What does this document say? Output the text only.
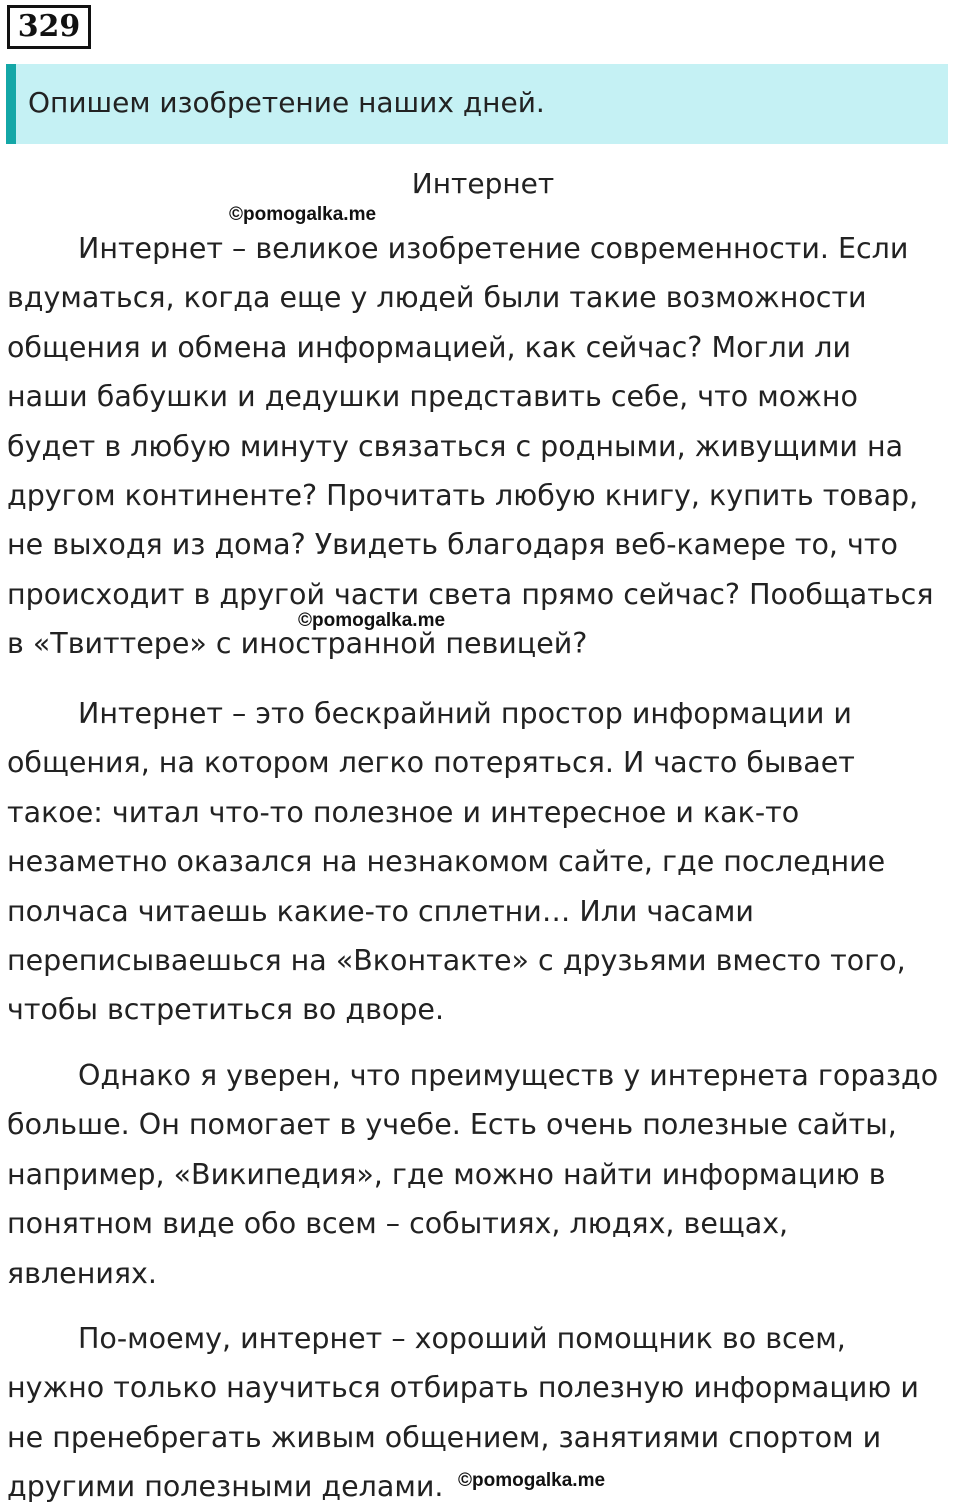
329
Опишем изобретение наших дней.
Интернет
©pomogalka.me
Интернет – великое изобретение современности. Если
вдуматься, когда еще у людей были такие возможности
общения и обмена информацией, как сейчас? Могли ли
наши бабушки и дедушки представить себе, что можно
будет в любую минуту связаться с родными, живущими на
другом континенте? Прочитать любую книгу, купить товар,
не выходя из дома? Увидеть благодаря веб-камере то, что
происходит в другой части света прямо сейчас? Пообщаться
в «Твиттере» с иностранной певицей?
©pomogalka.me
Интернет – это бескрайний простор информации и
общения, на котором легко потеряться. И часто бывает
такое: читал что-то полезное и интересное и как-то
незаметно оказался на незнакомом сайте, где последние
полчаса читаешь какие-то сплетни… Или часами
переписываешься на «Вконтакте» с друзьями вместо того,
чтобы встретиться во дворе.
Однако я уверен, что преимуществ у интернета гораздо
больше. Он помогает в учебе. Есть очень полезные сайты,
например, «Википедия», где можно найти информацию в
понятном виде обо всем – событиях, людях, вещах,
явлениях.
По-моему, интернет – хороший помощник во всем,
нужно только научиться отбирать полезную информацию и
не пренебрегать живым общением, занятиями спортом и
другими полезными делами. ©pomogalka.me
